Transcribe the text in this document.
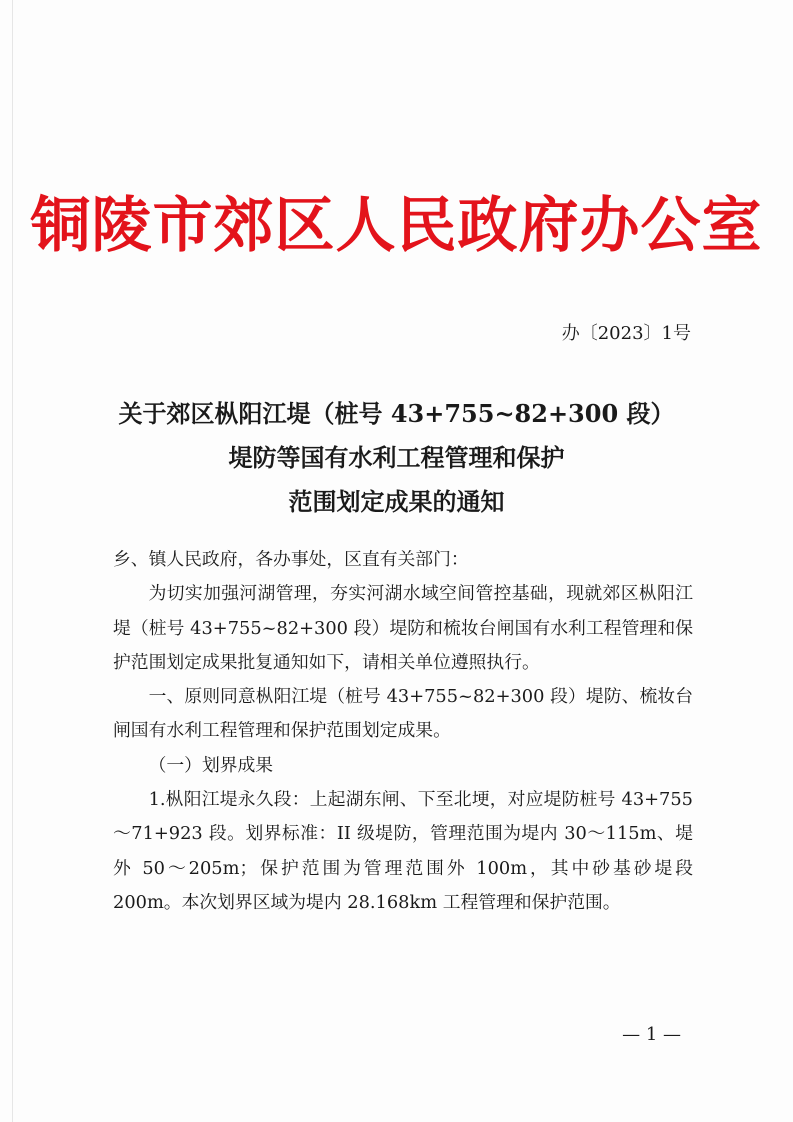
铜陵市郊区人民政府办公室
办〔2023〕1号
关于郊区枞阳江堤（桩号 43+755~82+300 段）
堤防等国有水利工程管理和保护
范围划定成果的通知

乡、镇人民政府，各办事处，区直有关部门：

为切实加强河湖管理，夯实河湖水域空间管控基础，现就郊区枞阳江堤（桩号 43+755~82+300 段）堤防和梳妆台闸国有水利工程管理和保护范围划定成果批复通知如下，请相关单位遵照执行。

一、原则同意枞阳江堤（桩号 43+755~82+300 段）堤防、梳妆台闸国有水利工程管理和保护范围划定成果。

（一）划界成果

1.枞阳江堤永久段：上起湖东闸、下至北埂，对应堤防桩号 43+755～71+923 段。划界标准：II 级堤防，管理范围为堤内 30～115m、堤外 50～205m；保护范围为管理范围外 100m，其中砂基砂堤段 200m。本次划界区域为堤内 28.168km 工程管理和保护范围。

— 1 —
